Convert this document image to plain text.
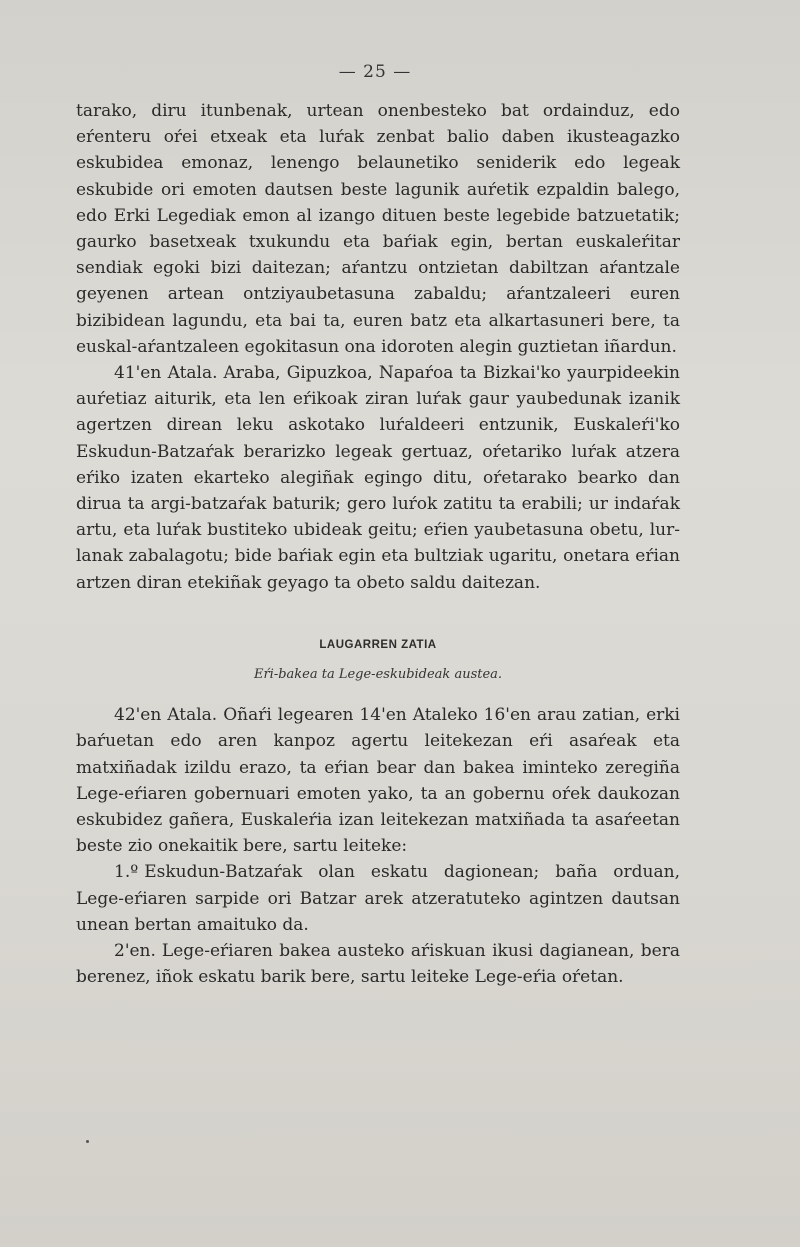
— 25 —

tarako, diru itunbenak, urtean onenbesteko bat ordainduz, edo eŕenteru oŕei etxeak eta luŕak zenbat balio daben ikusteagazko eskubidea emonaz, lenengo belaunetiko seniderik edo legeak eskubide ori emoten dautsen beste lagunik auŕetik ezpaldin balego, edo Erki Legediak emon al izango dituen beste legebide batzuetatik; gaurko basetxeak txukundu eta baŕiak egin, bertan euskaleŕitar sendiak egoki bizi daitezan; aŕantzu ontzietan dabiltzan aŕantzale geyenen artean ontziyaubetasuna zabaldu; aŕantzaleeri euren bizibidean lagundu, eta bai ta, euren batz eta alkartasuneri bere, ta euskal-aŕantzaleen egokitasun ona idoroten alegin guztietan iñardun.

41'en Atala. Araba, Gipuzkoa, Napaŕoa ta Bizkai'ko yaurpideekin auŕetiaz aiturik, eta len eŕikoak ziran luŕak gaur yaubedunak izanik agertzen direan leku askotako luŕaldeeri entzunik, Euskaleŕi'ko Eskudun-Batzaŕak berarizko legeak gertuaz, oŕetariko luŕak atzera eŕiko izaten ekarteko alegiñak egingo ditu, oŕetarako bearko dan dirua ta argi-batzaŕak baturik; gero luŕok zatitu ta erabili; ur indaŕak artu, eta luŕak bustiteko ubideak geitu; eŕien yaubetasuna obetu, lur-lanak zabalagotu; bide baŕiak egin eta bultziak ugaritu, onetara eŕian artzen diran etekiñak geyago ta obeto saldu daitezan.

LAUGARREN ZATIA
Eŕi-bakea ta Lege-eskubideak austea.

42'en Atala. Oñaŕi legearen 14'en Ataleko 16'en arau zatian, erki baŕuetan edo aren kanpoz agertu leitekezan eŕi asaŕeak eta matxiñadak izildu erazo, ta eŕian bear dan bakea iminteko zeregiña Lege-eŕiaren gobernuari emoten yako, ta an gobernu oŕek daukozan eskubidez gañera, Euskaleŕia izan leitekezan matxiñada ta asaŕeetan beste zio onekaitik bere, sartu leiteke:

1.º Eskudun-Batzaŕak olan eskatu dagionean; baña orduan, Lege-eŕiaren sarpide ori Batzar arek atzeratuteko agintzen dautsan unean bertan amaituko da.

2'en. Lege-eŕiaren bakea austeko aŕiskuan ikusi dagianean, bera berenez, iñok eskatu barik bere, sartu leiteke Lege-eŕia oŕetan.
